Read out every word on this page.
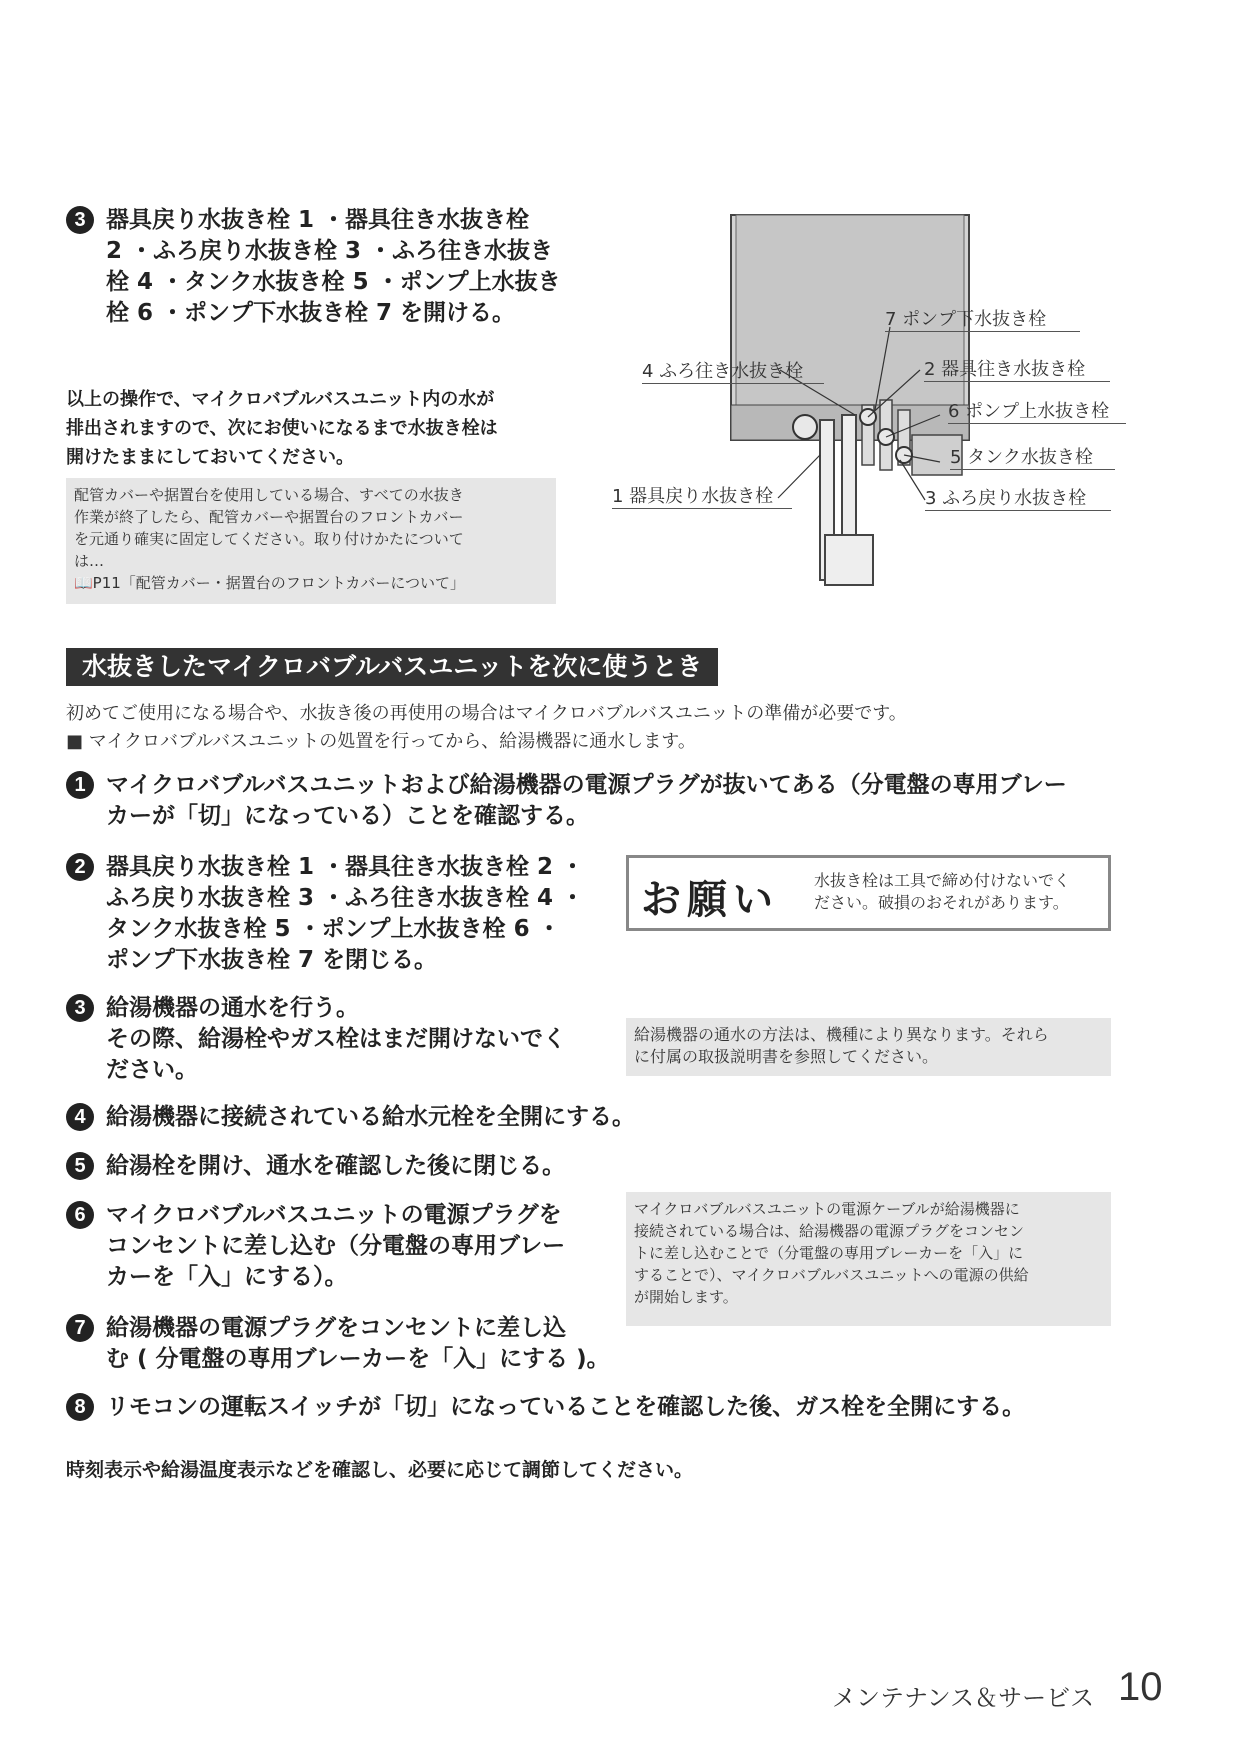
3 器具戻り水抜き栓 1 ・器具往き水抜き栓
2 ・ふろ戻り水抜き栓 3 ・ふろ往き水抜き
栓 4 ・タンク水抜き栓 5 ・ポンプ上水抜き
栓 6 ・ポンプ下水抜き栓 7 を開ける。
以上の操作で、マイクロバブルバスユニット内の水が
排出されますので、次にお使いになるまで水抜き栓は
開けたままにしておいてください。
配管カバーや据置台を使用している場合、すべての水抜き
作業が終了したら、配管カバーや据置台のフロントカバー
を元通り確実に固定してください。取り付けかたについて
は…
📖P11「配管カバー・据置台のフロントカバーについて」
7 ポンプ下水抜き栓
4 ふろ往き水抜き栓	2 器具往き水抜き栓
6 ポンプ上水抜き栓
5 タンク水抜き栓
1 器具戻り水抜き栓	3 ふろ戻り水抜き栓
水抜きしたマイクロバブルバスユニットを次に使うとき
初めてご使用になる場合や、水抜き後の再使用の場合はマイクロバブルバスユニットの準備が必要です。
■ マイクロバブルバスユニットの処置を行ってから、給湯機器に通水します。
1 マイクロバブルバスユニットおよび給湯機器の電源プラグが抜いてある（分電盤の専用ブレー
カーが「切」になっている）ことを確認する。
2 器具戻り水抜き栓 1 ・器具往き水抜き栓 2 ・
ふろ戻り水抜き栓 3 ・ふろ往き水抜き栓 4 ・
タンク水抜き栓 5 ・ポンプ上水抜き栓 6 ・
ポンプ下水抜き栓 7 を閉じる。
お願い 水抜き栓は工具で締め付けないでく
ださい。破損のおそれがあります。
3 給湯機器の通水を行う。
その際、給湯栓やガス栓はまだ開けないでく
ださい。
給湯機器の通水の方法は、機種により異なります。それら
に付属の取扱説明書を参照してください。
4 給湯機器に接続されている給水元栓を全開にする。
5 給湯栓を開け、通水を確認した後に閉じる。
6 マイクロバブルバスユニットの電源プラグを
コンセントに差し込む（分電盤の専用ブレー
カーを「入」にする）。
マイクロバブルバスユニットの電源ケーブルが給湯機器に
接続されている場合は、給湯機器の電源プラグをコンセン
トに差し込むことで（分電盤の専用ブレーカーを「入」に
することで）、マイクロバブルバスユニットへの電源の供給
が開始します。
7 給湯機器の電源プラグをコンセントに差し込
む ( 分電盤の専用ブレーカーを「入」にする )。
8 リモコンの運転スイッチが「切」になっていることを確認した後、ガス栓を全開にする。
時刻表示や給湯温度表示などを確認し、必要に応じて調節してください。
メンテナンス＆サービス 10
